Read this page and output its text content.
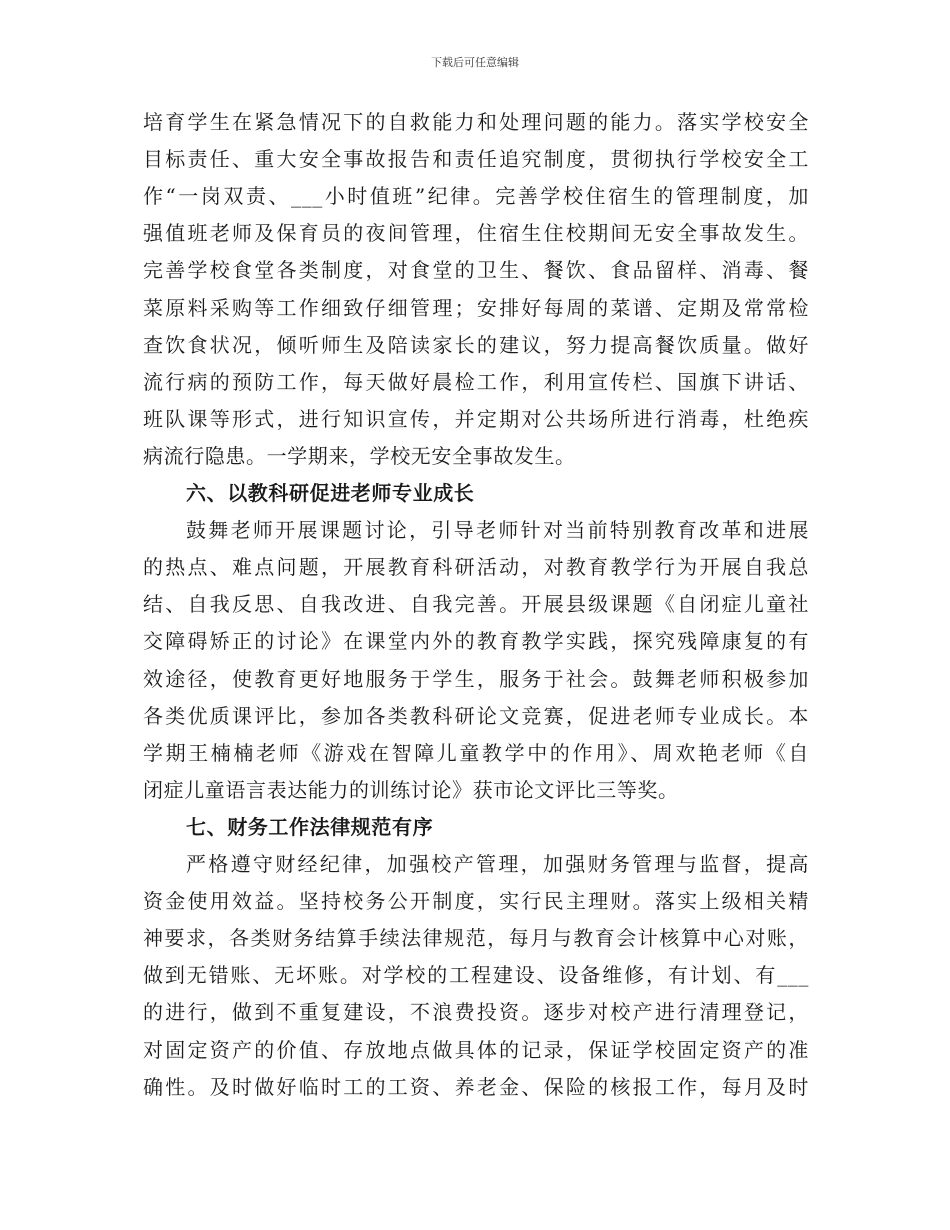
下载后可任意编辑
培育学生在紧急情况下的自救能力和处理问题的能力。落实学校安全
目标责任、重大安全事故报告和责任追究制度，贯彻执行学校安全工
作“一岗双责、___小时值班”纪律。完善学校住宿生的管理制度，加
强值班老师及保育员的夜间管理，住宿生住校期间无安全事故发生。
完善学校食堂各类制度，对食堂的卫生、餐饮、食品留样、消毒、餐
菜原料采购等工作细致仔细管理；安排好每周的菜谱、定期及常常检
查饮食状况，倾听师生及陪读家长的建议，努力提高餐饮质量。做好
流行病的预防工作，每天做好晨检工作，利用宣传栏、国旗下讲话、
班队课等形式，进行知识宣传，并定期对公共场所进行消毒，杜绝疾
病流行隐患。一学期来，学校无安全事故发生。
六、以教科研促进老师专业成长
鼓舞老师开展课题讨论，引导老师针对当前特别教育改革和进展
的热点、难点问题，开展教育科研活动，对教育教学行为开展自我总
结、自我反思、自我改进、自我完善。开展县级课题《自闭症儿童社
交障碍矫正的讨论》在课堂内外的教育教学实践，探究残障康复的有
效途径，使教育更好地服务于学生，服务于社会。鼓舞老师积极参加
各类优质课评比，参加各类教科研论文竞赛，促进老师专业成长。本
学期王楠楠老师《游戏在智障儿童教学中的作用》、周欢艳老师《自
闭症儿童语言表达能力的训练讨论》获市论文评比三等奖。
七、财务工作法律规范有序
严格遵守财经纪律，加强校产管理，加强财务管理与监督，提高
资金使用效益。坚持校务公开制度，实行民主理财。落实上级相关精
神要求，各类财务结算手续法律规范，每月与教育会计核算中心对账，
做到无错账、无坏账。对学校的工程建设、设备维修，有计划、有___
的进行，做到不重复建设，不浪费投资。逐步对校产进行清理登记，
对固定资产的价值、存放地点做具体的记录，保证学校固定资产的准
确性。及时做好临时工的工资、养老金、保险的核报工作，每月及时
